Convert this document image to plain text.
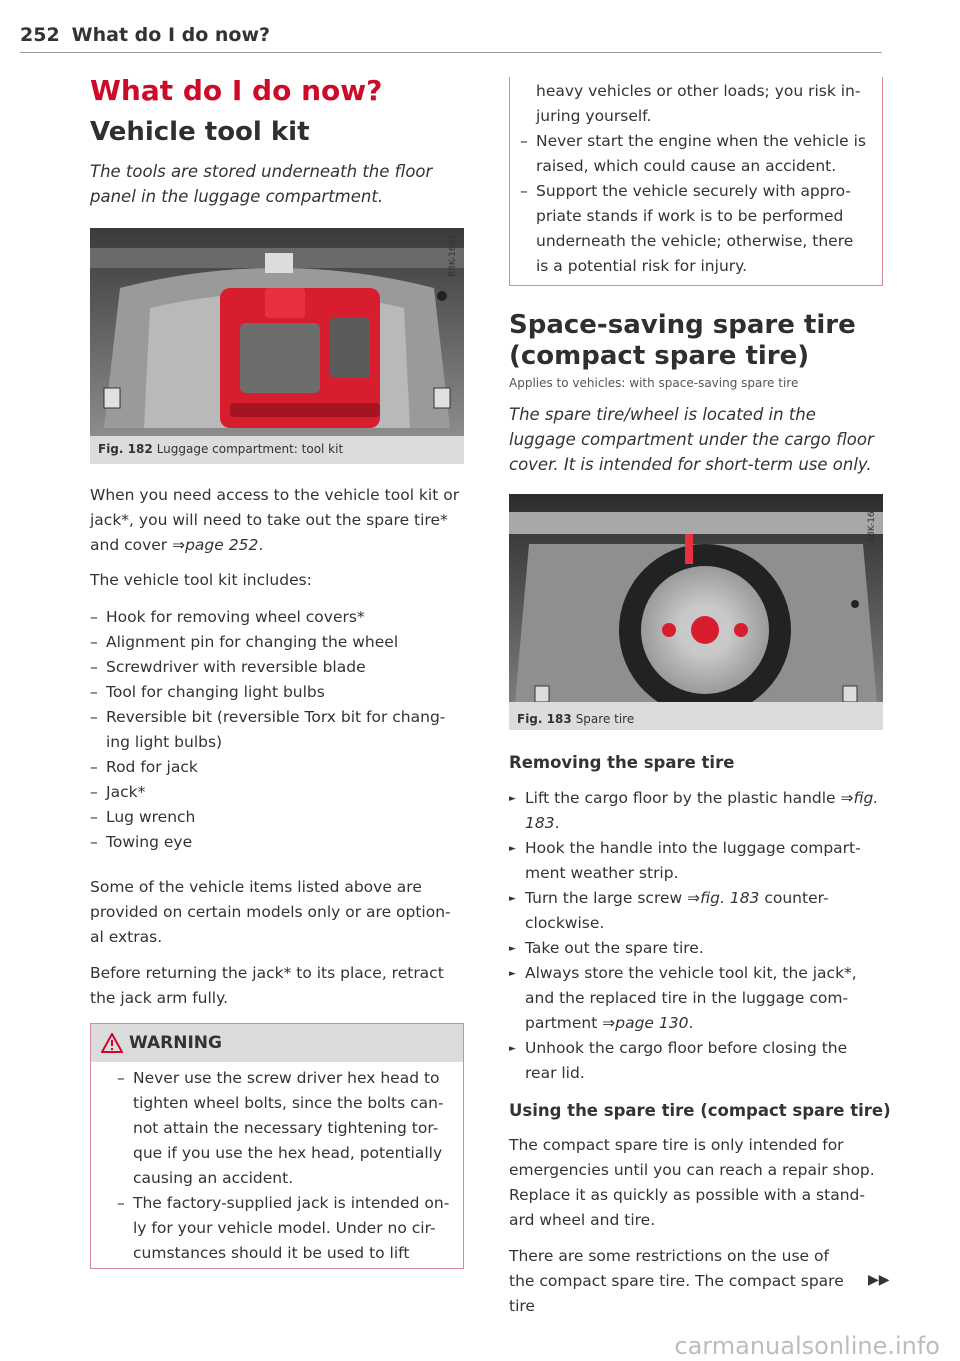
252 What do I do now?
What do I do now?
Vehicle tool kit
The tools are stored underneath the floor panel in the luggage compartment.
B8K-1691
Fig. 182 Luggage compartment: tool kit
When you need access to the vehicle tool kit or jack*, you will need to take out the spare tire* and cover ⇒page 252.
The vehicle tool kit includes:
– Hook for removing wheel covers*
– Alignment pin for changing the wheel
– Screwdriver with reversible blade
– Tool for changing light bulbs
– Reversible bit (reversible Torx bit for chang-ing light bulbs)
– Rod for jack
– Jack*
– Lug wrench
– Towing eye
Some of the vehicle items listed above are provided on certain models only or are option-al extras.
Before returning the jack* to its place, retract the jack arm fully.
WARNING
– Never use the screw driver hex head to tighten wheel bolts, since the bolts can-not attain the necessary tightening tor-que if you use the hex head, potentially causing an accident.
– The factory-supplied jack is intended on-ly for your vehicle model. Under no cir-cumstances should it be used to lift
heavy vehicles or other loads; you risk in-juring yourself.
– Never start the engine when the vehicle is raised, which could cause an accident.
– Support the vehicle securely with appro-priate stands if work is to be performed underneath the vehicle; otherwise, there is a potential risk for injury.
Space-saving spare tire (compact spare tire)
Applies to vehicles: with space-saving spare tire
The spare tire/wheel is located in the luggage compartment under the cargo floor cover. It is intended for short-term use only.
B8K-1692
Fig. 183 Spare tire
Removing the spare tire
► Lift the cargo floor by the plastic handle ⇒fig. 183.
► Hook the handle into the luggage compart-ment weather strip.
► Turn the large screw ⇒fig. 183 counter-clockwise.
► Take out the spare tire.
► Always store the vehicle tool kit, the jack*, and the replaced tire in the luggage com-partment ⇒page 130.
► Unhook the cargo floor before closing the rear lid.
Using the spare tire (compact spare tire)
The compact spare tire is only intended for emergencies until you can reach a repair shop. Replace it as quickly as possible with a stand-ard wheel and tire.
There are some restrictions on the use of the compact spare tire. The compact spare tire
▶▶
carmanualsonline.info
